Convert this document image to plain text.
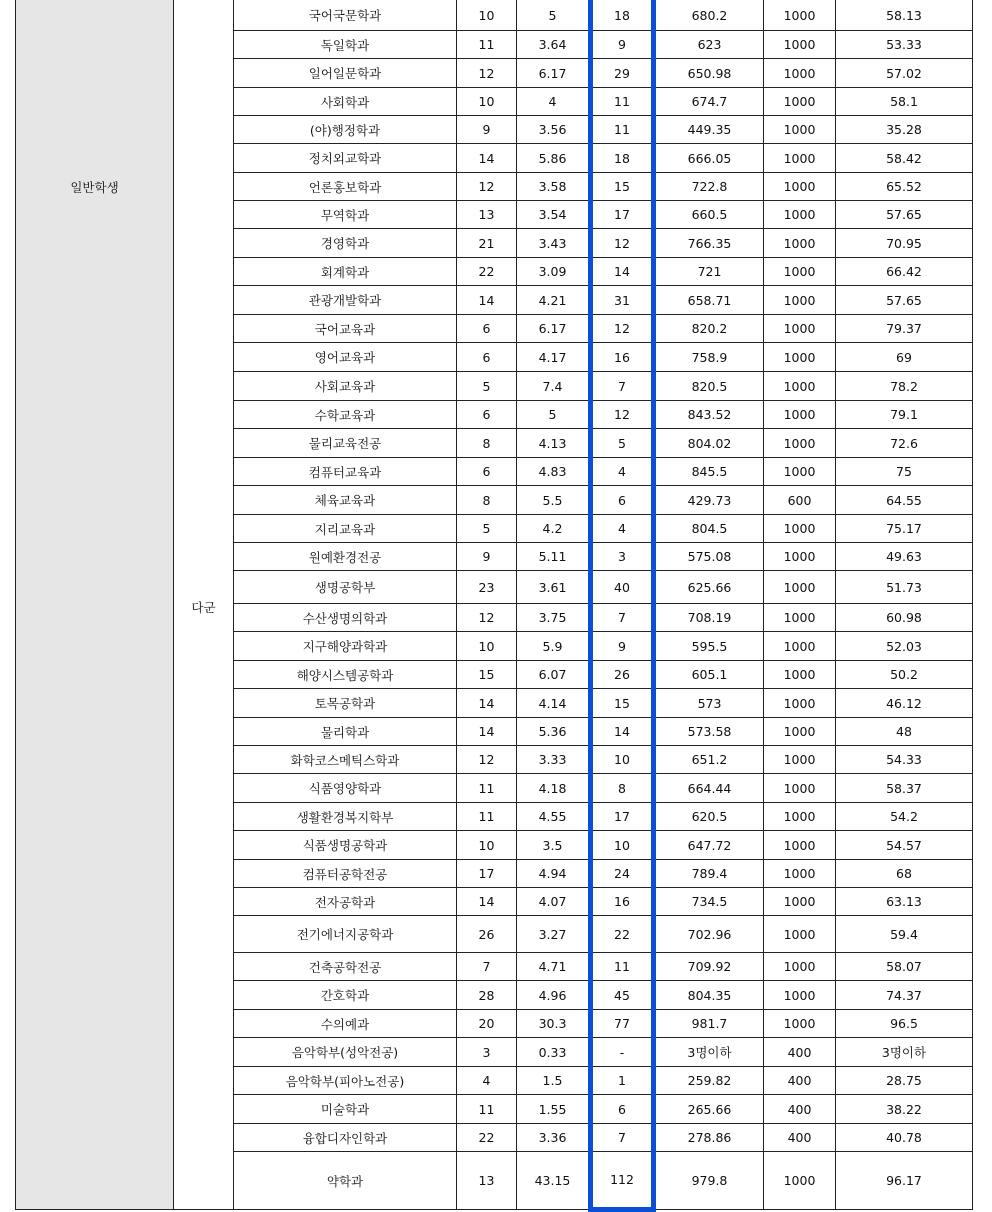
일반학생	다군	국어국문학과	10	5	18	680.2	1000	58.13
		독일학과	11	3.64	9	623	1000	53.33
		일어일문학과	12	6.17	29	650.98	1000	57.02
		사회학과	10	4	11	674.7	1000	58.1
		(야)행정학과	9	3.56	11	449.35	1000	35.28
		정치외교학과	14	5.86	18	666.05	1000	58.42
		언론홍보학과	12	3.58	15	722.8	1000	65.52
		무역학과	13	3.54	17	660.5	1000	57.65
		경영학과	21	3.43	12	766.35	1000	70.95
		회계학과	22	3.09	14	721	1000	66.42
		관광개발학과	14	4.21	31	658.71	1000	57.65
		국어교육과	6	6.17	12	820.2	1000	79.37
		영어교육과	6	4.17	16	758.9	1000	69
		사회교육과	5	7.4	7	820.5	1000	78.2
		수학교육과	6	5	12	843.52	1000	79.1
		물리교육전공	8	4.13	5	804.02	1000	72.6
		컴퓨터교육과	6	4.83	4	845.5	1000	75
		체육교육과	8	5.5	6	429.73	600	64.55
		지리교육과	5	4.2	4	804.5	1000	75.17
		원예환경전공	9	5.11	3	575.08	1000	49.63
		생명공학부	23	3.61	40	625.66	1000	51.73
		수산생명의학과	12	3.75	7	708.19	1000	60.98
		지구해양과학과	10	5.9	9	595.5	1000	52.03
		해양시스템공학과	15	6.07	26	605.1	1000	50.2
		토목공학과	14	4.14	15	573	1000	46.12
		물리학과	14	5.36	14	573.58	1000	48
		화학코스메틱스학과	12	3.33	10	651.2	1000	54.33
		식품영양학과	11	4.18	8	664.44	1000	58.37
		생활환경복지학부	11	4.55	17	620.5	1000	54.2
		식품생명공학과	10	3.5	10	647.72	1000	54.57
		컴퓨터공학전공	17	4.94	24	789.4	1000	68
		전자공학과	14	4.07	16	734.5	1000	63.13
		전기에너지공학과	26	3.27	22	702.96	1000	59.4
		건축공학전공	7	4.71	11	709.92	1000	58.07
		간호학과	28	4.96	45	804.35	1000	74.37
		수의예과	20	30.3	77	981.7	1000	96.5
		음악학부(성악전공)	3	0.33	-	3명이하	400	3명이하
		음악학부(피아노전공)	4	1.5	1	259.82	400	28.75
		미술학과	11	1.55	6	265.66	400	38.22
		융합디자인학과	22	3.36	7	278.86	400	40.78
		약학과	13	43.15	112	979.8	1000	96.17
